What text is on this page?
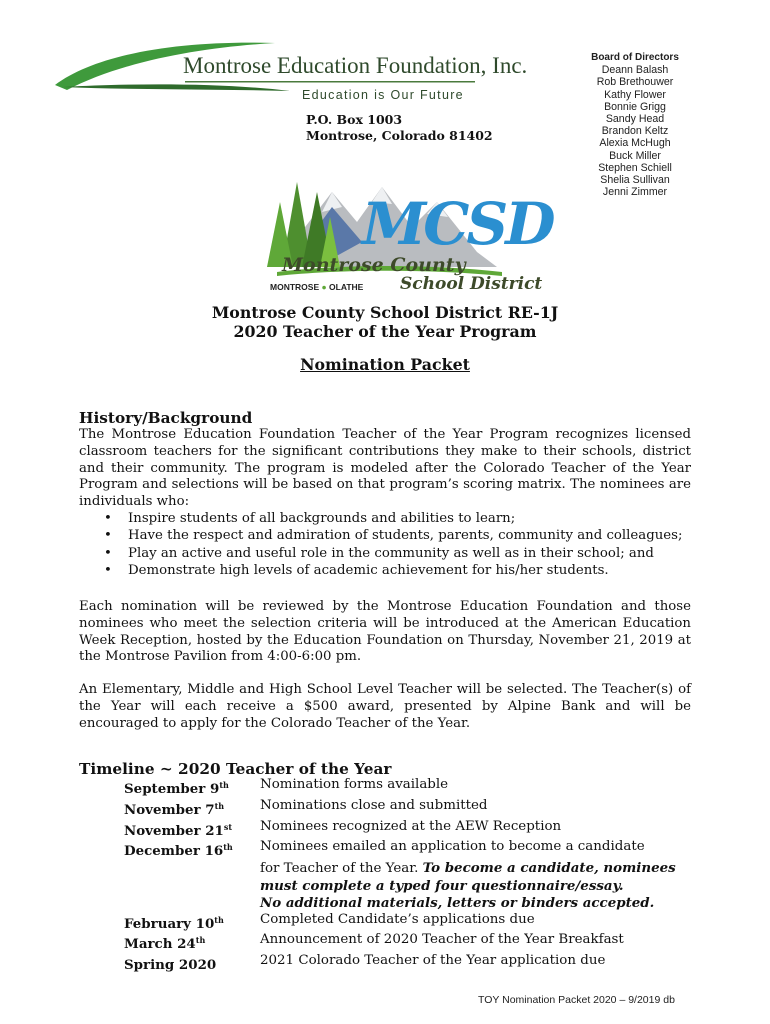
Montrose Education Foundation, Inc.
Education is Our Future
P.O. Box 1003
Montrose, Colorado 81402
Board of Directors
Deann Balash
Rob Brethouwer
Kathy Flower
Bonnie Grigg
Sandy Head
Brandon Keltz
Alexia McHugh
Buck Miller
Stephen Schiell
Shelia Sullivan
Jenni Zimmer
MCSD
Montrose County
School District
MONTROSE ● OLATHE
Montrose County School District RE-1J
2020 Teacher of the Year Program
Nomination Packet
History/Background
The Montrose Education Foundation Teacher of the Year Program recognizes licensed classroom teachers for the significant contributions they make to their schools, district and their community. The program is modeled after the Colorado Teacher of the Year Program and selections will be based on that program’s scoring matrix. The nominees are individuals who:
•	Inspire students of all backgrounds and abilities to learn;
•	Have the respect and admiration of students, parents, community and colleagues;
•	Play an active and useful role in the community as well as in their school; and
•	Demonstrate high levels of academic achievement for his/her students.
Each nomination will be reviewed by the Montrose Education Foundation and those nominees who meet the selection criteria will be introduced at the American Education Week Reception, hosted by the Education Foundation on Thursday, November 21, 2019 at the Montrose Pavilion from 4:00-6:00 pm.
An Elementary, Middle and High School Level Teacher will be selected. The Teacher(s) of the Year will each receive a $500 award, presented by Alpine Bank and will be encouraged to apply for the Colorado Teacher of the Year.
Timeline ~ 2020 Teacher of the Year
September 9th	Nomination forms available
November 7th	Nominations close and submitted
November 21st	Nominees recognized at the AEW Reception
December 16th	Nominees emailed an application to become a candidate
for Teacher of the Year. To become a candidate, nominees
must complete a typed four questionnaire/essay.
No additional materials, letters or binders accepted.
February 10th	Completed Candidate’s applications due
March 24th	Announcement of 2020 Teacher of the Year Breakfast
Spring 2020	2021 Colorado Teacher of the Year application due
TOY Nomination Packet 2020 – 9/2019 db
